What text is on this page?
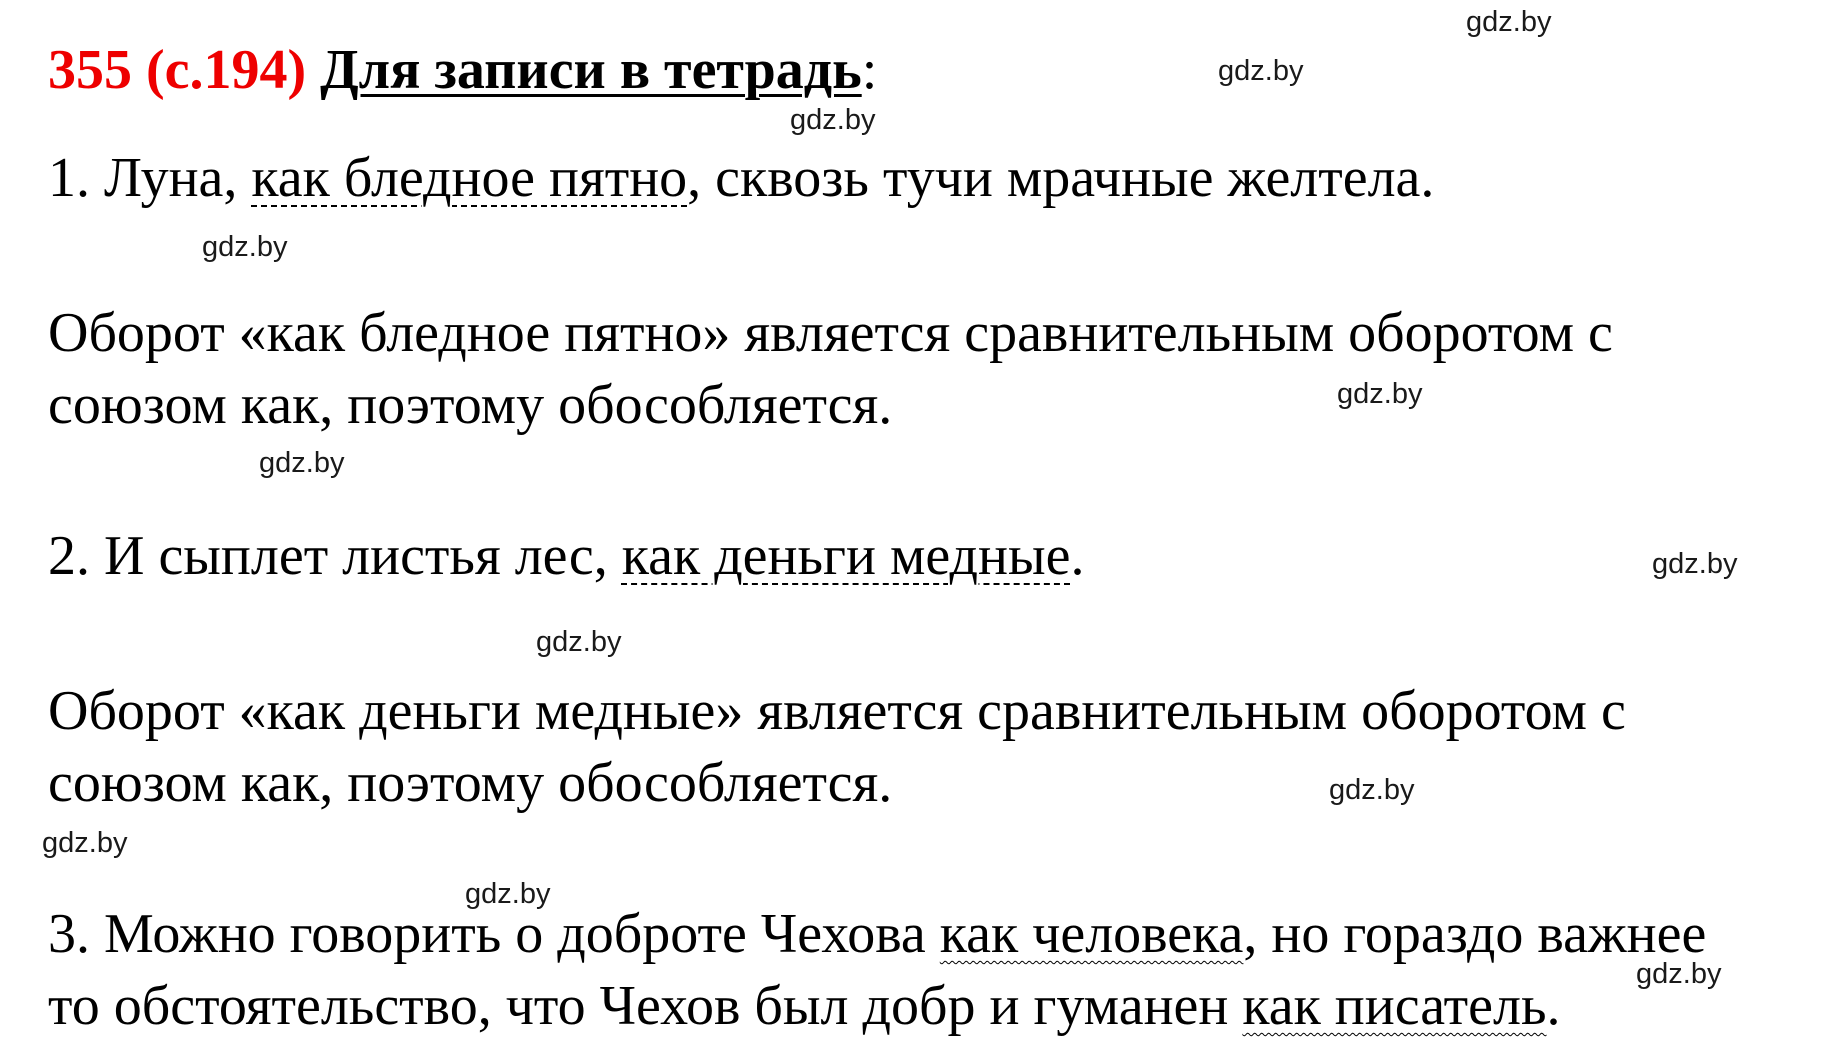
355 (с.194) Для записи в тетрадь:
1. Луна, как бледное пятно, сквозь тучи мрачные желтела.
Оборот «как бледное пятно» является сравнительным оборотом с
союзом как, поэтому обособляется.
2. И сыплет листья лес, как деньги медные.
Оборот «как деньги медные» является сравнительным оборотом с
союзом как, поэтому обособляется.
3. Можно говорить о доброте Чехова как человека, но гораздо важнее
то обстоятельство, что Чехов был добр и гуманен как писатель.
gdz.by
gdz.by
gdz.by
gdz.by
gdz.by
gdz.by
gdz.by
gdz.by
gdz.by
gdz.by
gdz.by
gdz.by
